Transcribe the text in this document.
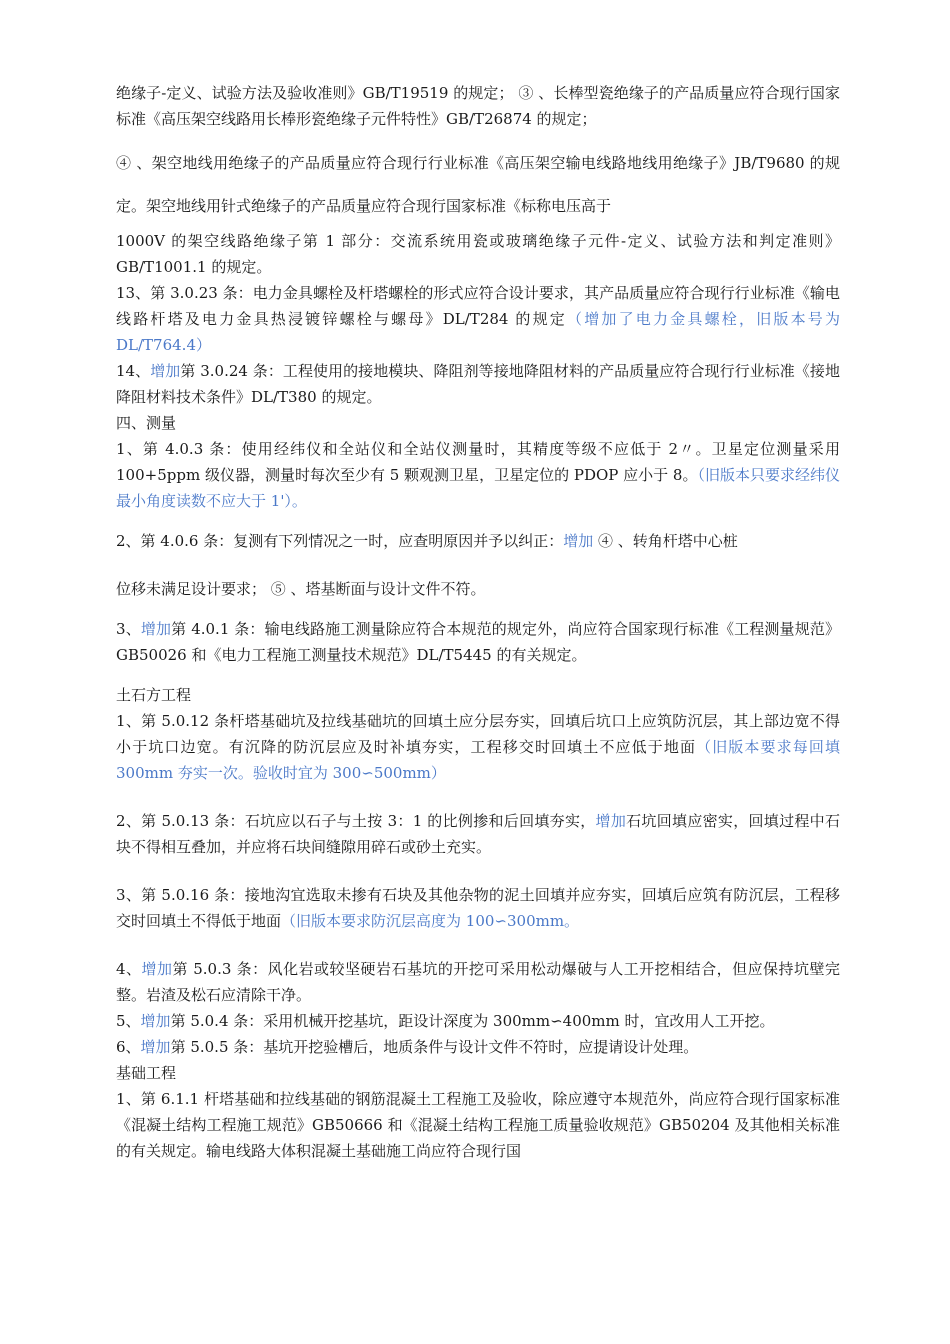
绝缘子-定义、试验方法及验收准则》GB/T19519 的规定； ③ 、长棒型瓷绝缘子的产品质量应符合现行国家标准《高压架空线路用长棒形瓷绝缘子元件特性》GB/T26874 的规定；

④ 、架空地线用绝缘子的产品质量应符合现行行业标准《高压架空输电线路地线用绝缘子》JB/T9680 的规定。架空地线用针式绝缘子的产品质量应符合现行国家标准《标称电压高于

1000V 的架空线路绝缘子第 1 部分：交流系统用瓷或玻璃绝缘子元件-定义、试验方法和判定准则》GB/T1001.1 的规定。

13、第 3.0.23 条：电力金具螺栓及杆塔螺栓的形式应符合设计要求，其产品质量应符合现行行业标准《输电线路杆塔及电力金具热浸镀锌螺栓与螺母》DL/T284 的规定（增加了电力金具螺栓，旧版本号为 DL/T764.4）

14、增加第 3.0.24 条：工程使用的接地模块、降阻剂等接地降阻材料的产品质量应符合现行行业标准《接地降阻材料技术条件》DL/T380 的规定。

四、测量

1、第 4.0.3 条：使用经纬仪和全站仪和全站仪测量时，其精度等级不应低于 2〃。卫星定位测量采用 100+5ppm 级仪器，测量时每次至少有 5 颗观测卫星，卫星定位的 PDOP 应小于 8。（旧版本只要求经纬仪最小角度读数不应大于 1'）。

2、第 4.0.6 条：复测有下列情况之一时，应查明原因并予以纠正：增加 ④ 、转角杆塔中心桩

位移未满足设计要求； ⑤ 、塔基断面与设计文件不符。

3、增加第 4.0.1 条：输电线路施工测量除应符合本规范的规定外，尚应符合国家现行标准《工程测量规范》GB50026 和《电力工程施工测量技术规范》DL/T5445 的有关规定。

土石方工程

1、第 5.0.12 条杆塔基础坑及拉线基础坑的回填土应分层夯实，回填后坑口上应筑防沉层，其上部边宽不得小于坑口边宽。有沉降的防沉层应及时补填夯实，工程移交时回填土不应低于地面（旧版本要求每回填 300mm 夯实一次。验收时宜为 300∽500mm）

2、第 5.0.13 条：石坑应以石子与土按 3：1 的比例掺和后回填夯实，增加石坑回填应密实，回填过程中石块不得相互叠加，并应将石块间缝隙用碎石或砂土充实。

3、第 5.0.16 条：接地沟宜选取未掺有石块及其他杂物的泥土回填并应夯实，回填后应筑有防沉层，工程移交时回填土不得低于地面（旧版本要求防沉层高度为 100∽300mm。

4、增加第 5.0.3 条：风化岩或较坚硬岩石基坑的开挖可采用松动爆破与人工开挖相结合，但应保持坑壁完整。岩渣及松石应清除干净。

5、增加第 5.0.4 条：采用机械开挖基坑，距设计深度为 300mm∽400mm 时，宜改用人工开挖。

6、增加第 5.0.5 条：基坑开挖验槽后，地质条件与设计文件不符时，应提请设计处理。

基础工程

1、第 6.1.1 杆塔基础和拉线基础的钢筋混凝土工程施工及验收，除应遵守本规范外，尚应符合现行国家标准《混凝土结构工程施工规范》GB50666 和《混凝土结构工程施工质量验收规范》GB50204 及其他相关标准的有关规定。输电线路大体积混凝土基础施工尚应符合现行国
